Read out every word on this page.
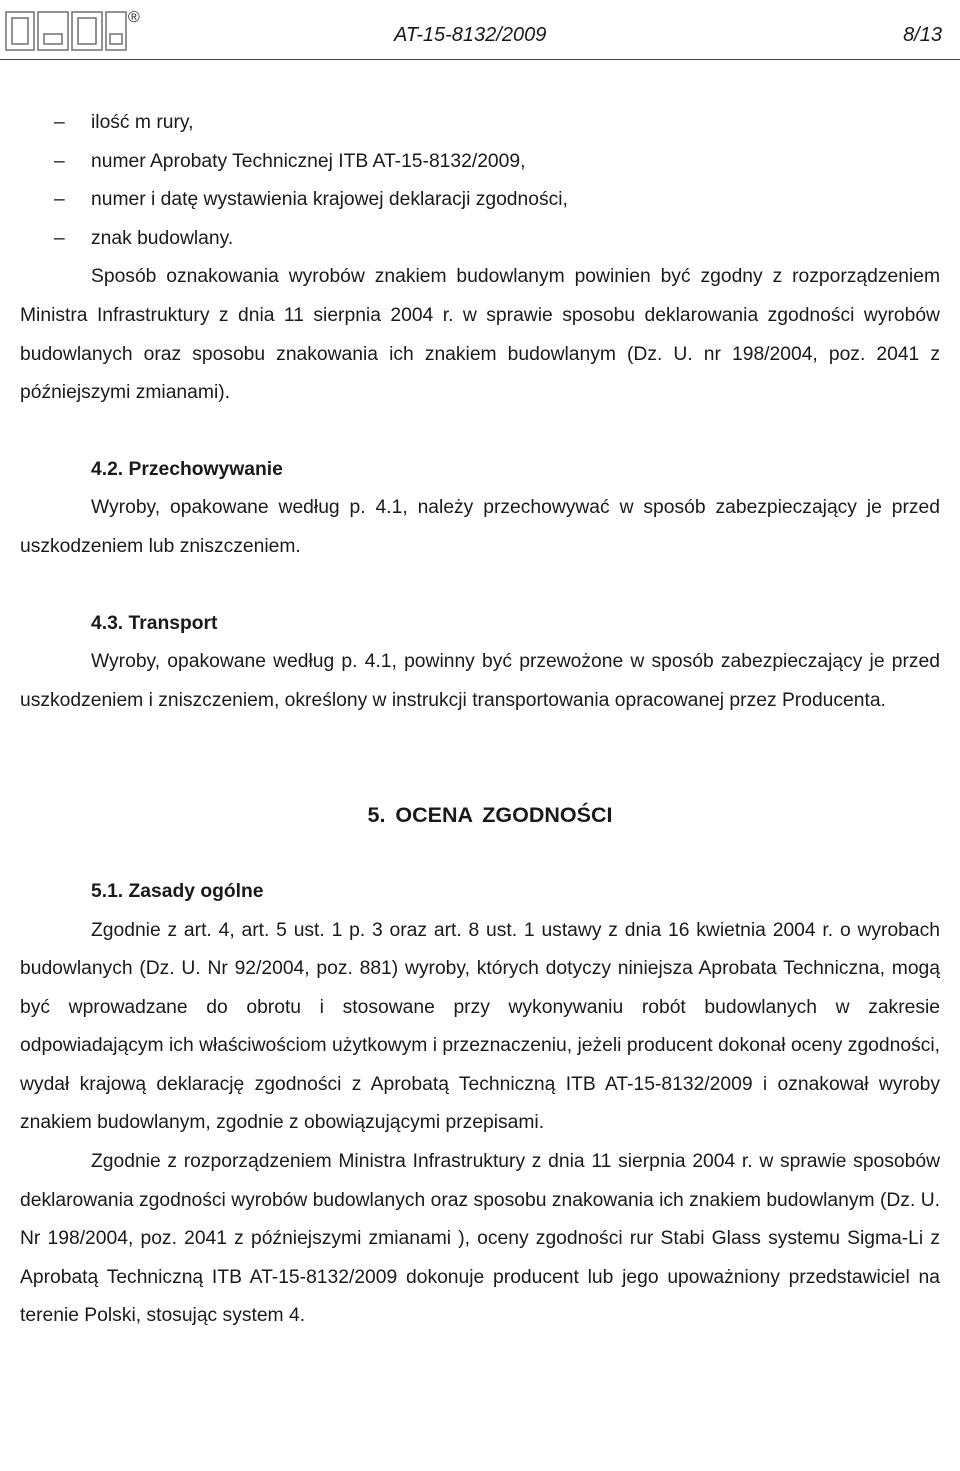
®
AT-15-8132/2009	8/13

– ilość m rury,

– numer Aprobaty Technicznej ITB AT-15-8132/2009,

– numer i datę wystawienia krajowej deklaracji zgodności,

– znak budowlany.

Sposób oznakowania wyrobów znakiem budowlanym powinien być zgodny z rozporządzeniem Ministra Infrastruktury z dnia 11 sierpnia 2004 r. w sprawie sposobu deklarowania zgodności wyrobów budowlanych oraz sposobu znakowania ich znakiem budowlanym (Dz. U. nr 198/2004, poz. 2041 z późniejszymi zmianami).

4.2. Przechowywanie

Wyroby, opakowane według p. 4.1, należy przechowywać w sposób zabezpieczający je przed uszkodzeniem lub zniszczeniem.

4.3. Transport

Wyroby, opakowane według p. 4.1, powinny być przewożone w sposób zabezpieczający je przed uszkodzeniem i zniszczeniem, określony w instrukcji transportowania opracowanej przez Producenta.

5. OCENA ZGODNOŚCI

5.1. Zasady ogólne

Zgodnie z art. 4, art. 5 ust. 1 p. 3 oraz art. 8 ust. 1 ustawy z dnia 16 kwietnia 2004 r. o wyrobach budowlanych (Dz. U. Nr 92/2004, poz. 881) wyroby, których dotyczy niniejsza Aprobata Techniczna, mogą być wprowadzane do obrotu i stosowane przy wykonywaniu robót budowlanych w zakresie odpowiadającym ich właściwościom użytkowym i przeznaczeniu, jeżeli producent dokonał oceny zgodności, wydał krajową deklarację zgodności z Aprobatą Techniczną ITB AT-15-8132/2009 i oznakował wyroby znakiem budowlanym, zgodnie z obowiązującymi przepisami.

Zgodnie z rozporządzeniem Ministra Infrastruktury z dnia 11 sierpnia 2004 r. w sprawie sposobów deklarowania zgodności wyrobów budowlanych oraz sposobu znakowania ich znakiem budowlanym (Dz. U. Nr 198/2004, poz. 2041 z późniejszymi zmianami ), oceny zgodności rur Stabi Glass systemu Sigma-Li z Aprobatą Techniczną ITB AT-15-8132/2009 dokonuje producent lub jego upoważniony przedstawiciel na terenie Polski, stosując system 4.
